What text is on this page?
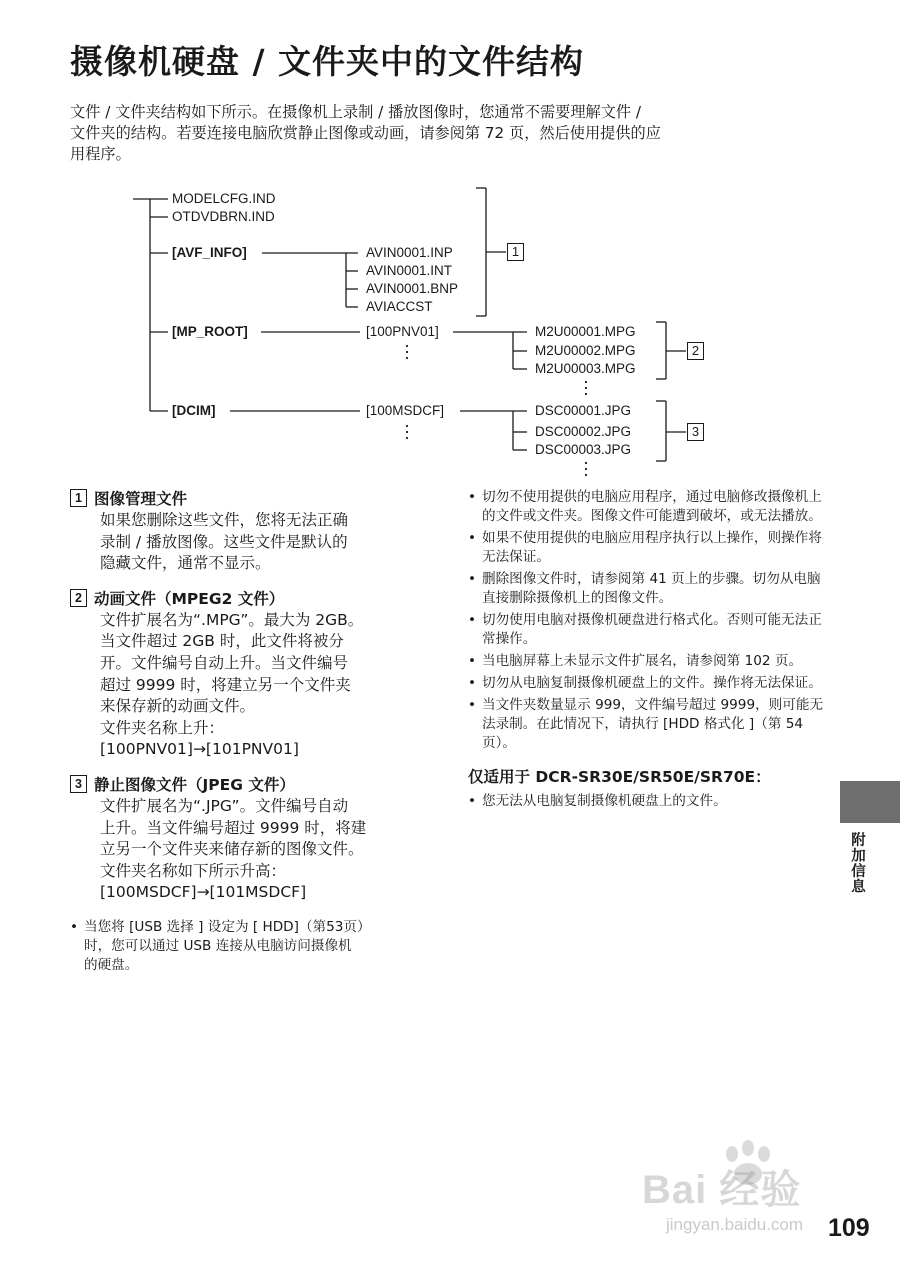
摄像机硬盘 / 文件夹中的文件结构

文件 / 文件夹结构如下所示。在摄像机上录制 / 播放图像时，您通常不需要理解文件 /

文件夹的结构。若要连接电脑欣赏静止图像或动画，请参阅第 72 页，然后使用提供的应

用程序。

MODELCFG.IND
OTDVDBRN.IND
[AVF_INFO]	AVIN0001.INP
AVIN0001.INT
AVIN0001.BNP
AVIACCST
1
[MP_ROOT]	[100PNV01]	M2U00001.MPG
M2U00002.MPG
M2U00003.MPG
2
[DCIM]	[100MSDCF]	DSC00001.JPG
DSC00002.JPG
DSC00003.JPG
3
1 图像管理文件
如果您删除这些文件，您将无法正确
录制 / 播放图像。这些文件是默认的
隐藏文件，通常不显示。
2 动画文件（MPEG2 文件）
文件扩展名为“.MPG”。最大为 2GB。
当文件超过 2GB 时，此文件将被分
开。文件编号自动上升。当文件编号
超过 9999 时，将建立另一个文件夹
来保存新的动画文件。
文件夹名称上升：
[100PNV01]→[101PNV01]
3 静止图像文件（JPEG 文件）
文件扩展名为“.JPG”。文件编号自动
上升。当文件编号超过 9999 时，将建
立另一个文件夹来储存新的图像文件。
文件夹名称如下所示升高：
[100MSDCF]→[101MSDCF]
• 当您将 [USB 选择 ] 设定为 [ HDD]（第53页）
时，您可以通过 USB 连接从电脑访问摄像机
的硬盘。
• 切勿不使用提供的电脑应用程序，通过电脑修改摄像机上的文件或文件夹。图像文件可能遭到破坏，或无法播放。
• 如果不使用提供的电脑应用程序执行以上操作，则操作将无法保证。
• 删除图像文件时，请参阅第 41 页上的步骤。切勿从电脑直接删除摄像机上的图像文件。
• 切勿使用电脑对摄像机硬盘进行格式化。否则可能无法正常操作。
• 当电脑屏幕上未显示文件扩展名，请参阅第 102 页。
• 切勿从电脑复制摄像机硬盘上的文件。操作将无法保证。
• 当文件夹数量显示 999，文件编号超过 9999，则可能无法录制。在此情况下，请执行 [HDD 格式化 ]（第 54 页）。
仅适用于 DCR-SR30E/SR50E/SR70E：
• 您无法从电脑复制摄像机硬盘上的文件。
附加信息
Bai 经验
jingyan.baidu.com 109
